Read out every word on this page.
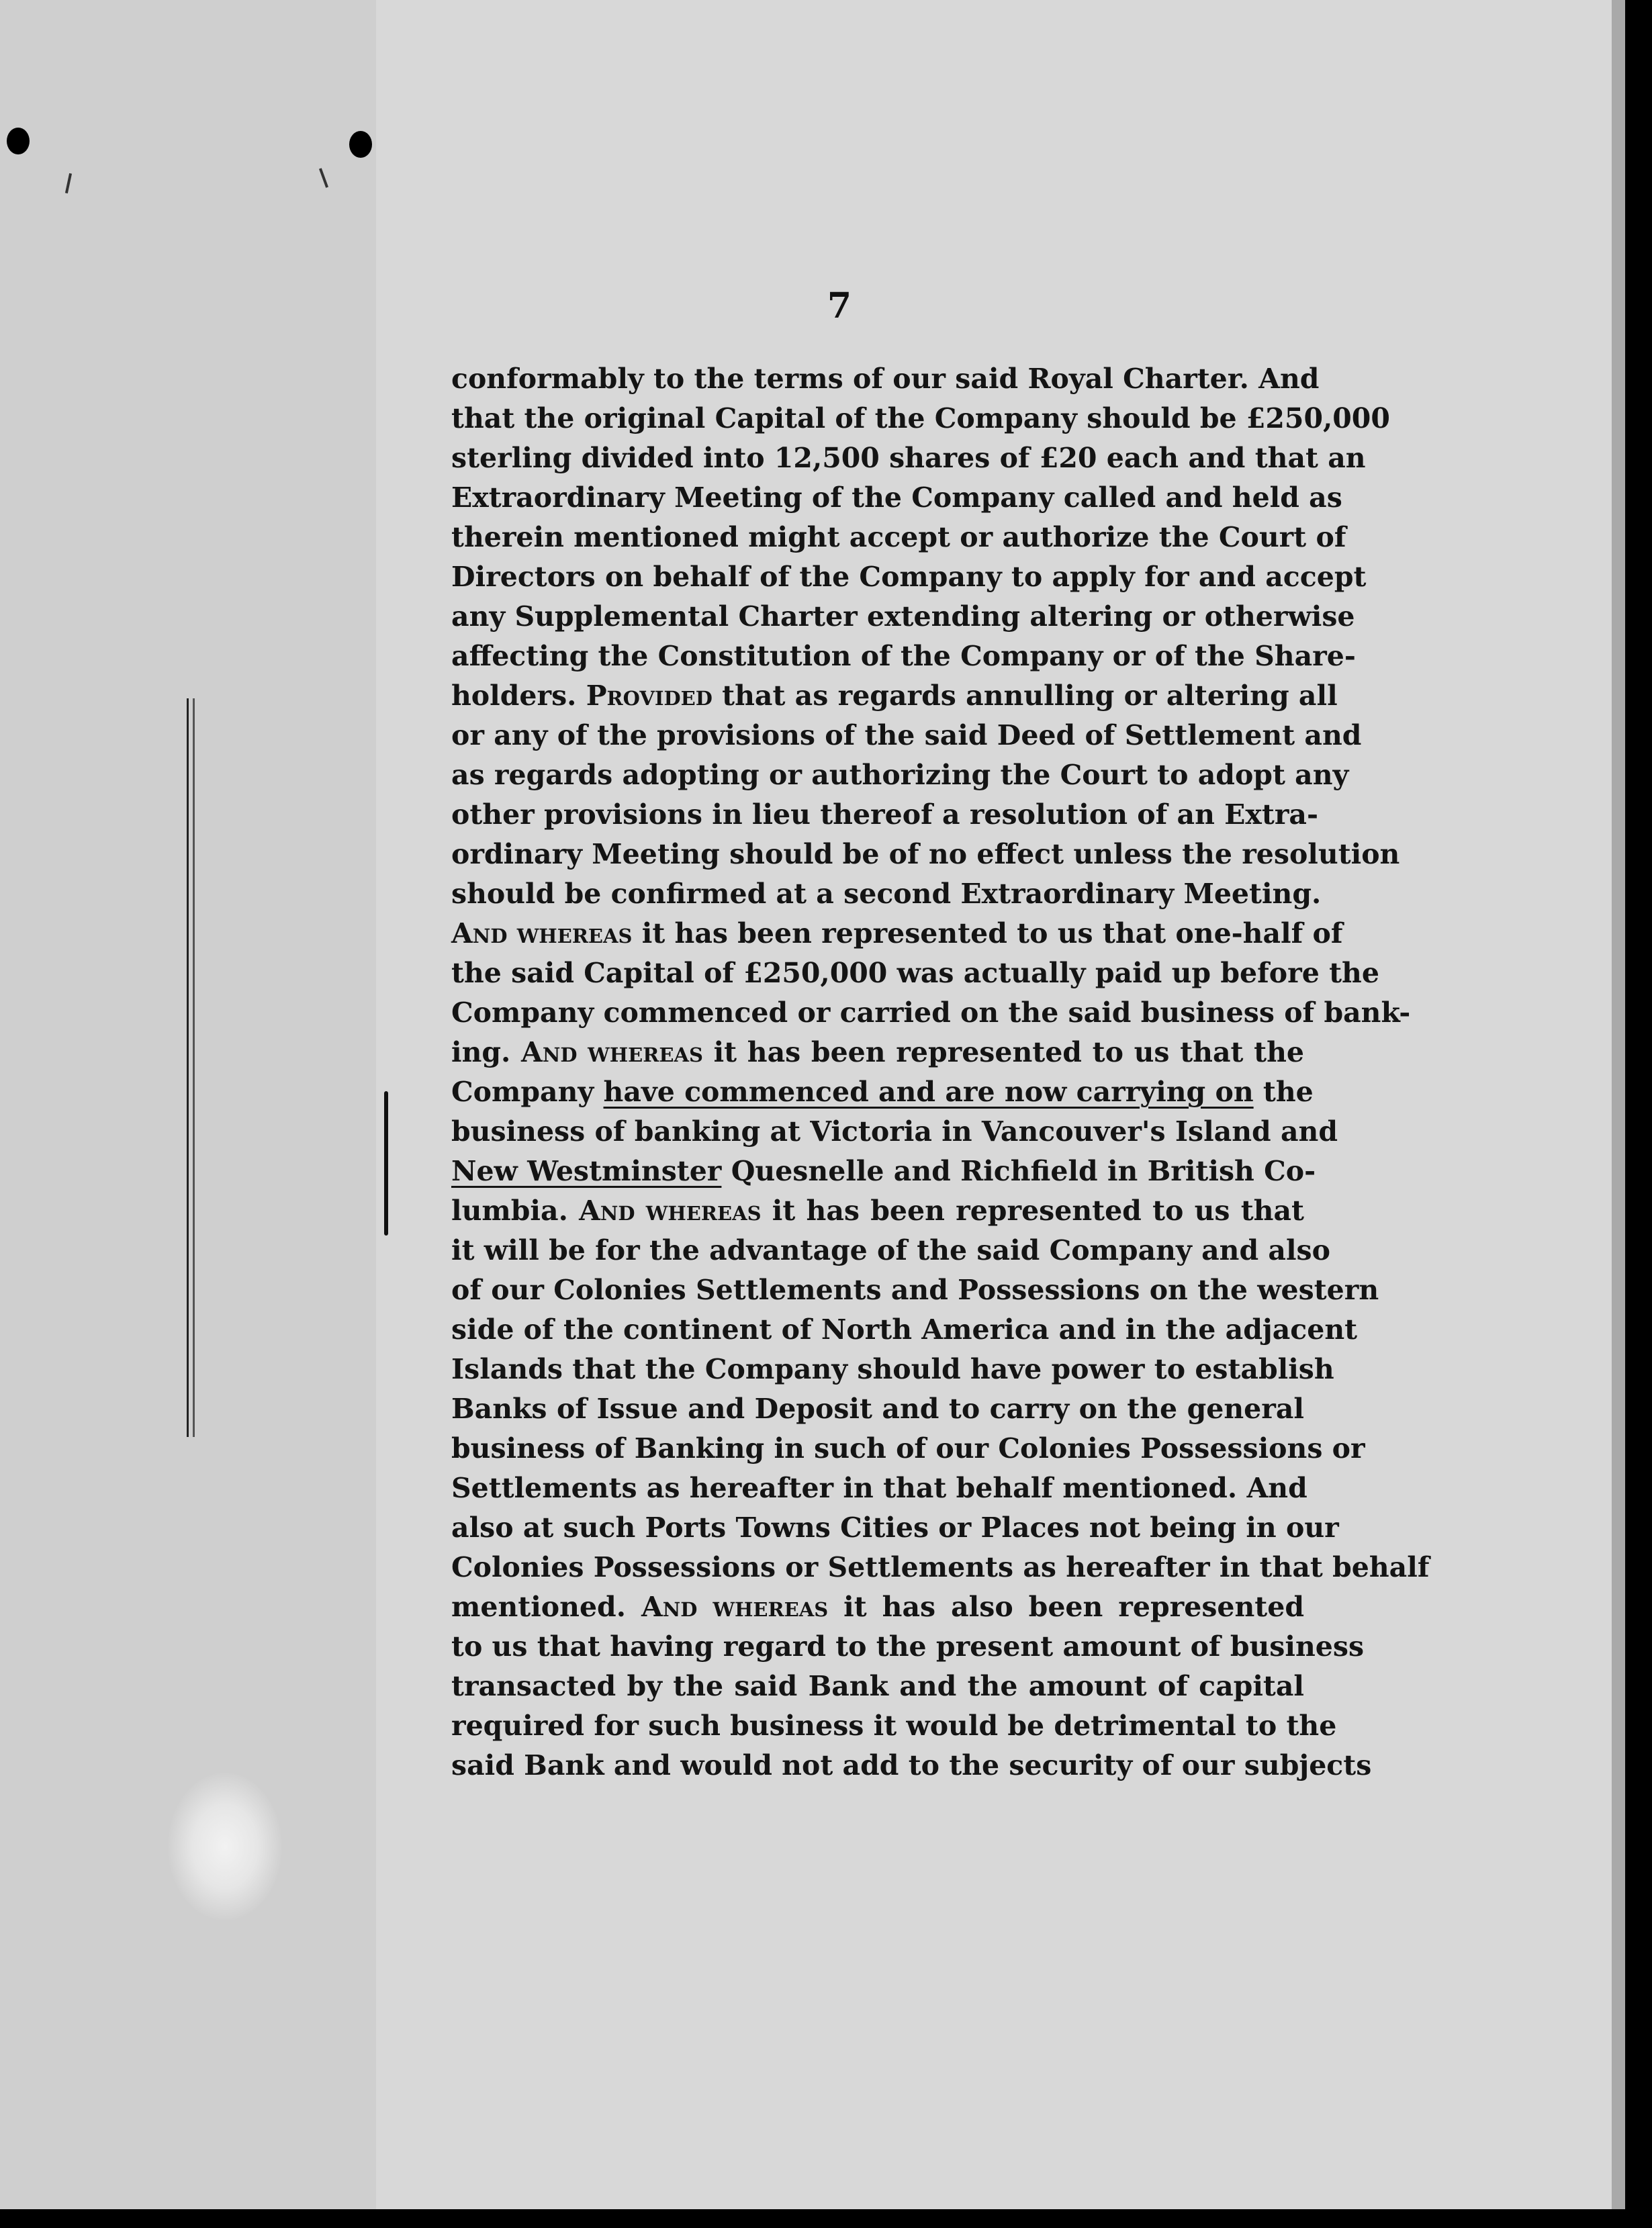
7
conformably to the terms of our said Royal Charter. And
that the original Capital of the Company should be £250,000
sterling divided into 12,500 shares of £20 each and that an
Extraordinary Meeting of the Company called and held as
therein mentioned might accept or authorize the Court of
Directors on behalf of the Company to apply for and accept
any Supplemental Charter extending altering or otherwise
affecting the Constitution of the Company or of the Share-
holders. Provided that as regards annulling or altering all
or any of the provisions of the said Deed of Settlement and
as regards adopting or authorizing the Court to adopt any
other provisions in lieu thereof a resolution of an Extra-
ordinary Meeting should be of no effect unless the resolution
should be confirmed at a second Extraordinary Meeting.
And whereas it has been represented to us that one-half of
the said Capital of £250,000 was actually paid up before the
Company commenced or carried on the said business of bank-
ing. And whereas it has been represented to us that the
Company have commenced and are now carrying on the
business of banking at Victoria in Vancouver's Island and
New Westminster Quesnelle and Richfield in British Co-
lumbia. And whereas it has been represented to us that
it will be for the advantage of the said Company and also
of our Colonies Settlements and Possessions on the western
side of the continent of North America and in the adjacent
Islands that the Company should have power to establish
Banks of Issue and Deposit and to carry on the general
business of Banking in such of our Colonies Possessions or
Settlements as hereafter in that behalf mentioned. And
also at such Ports Towns Cities or Places not being in our
Colonies Possessions or Settlements as hereafter in that behalf
mentioned. And whereas it has also been represented
to us that having regard to the present amount of business
transacted by the said Bank and the amount of capital
required for such business it would be detrimental to the
said Bank and would not add to the security of our subjects
